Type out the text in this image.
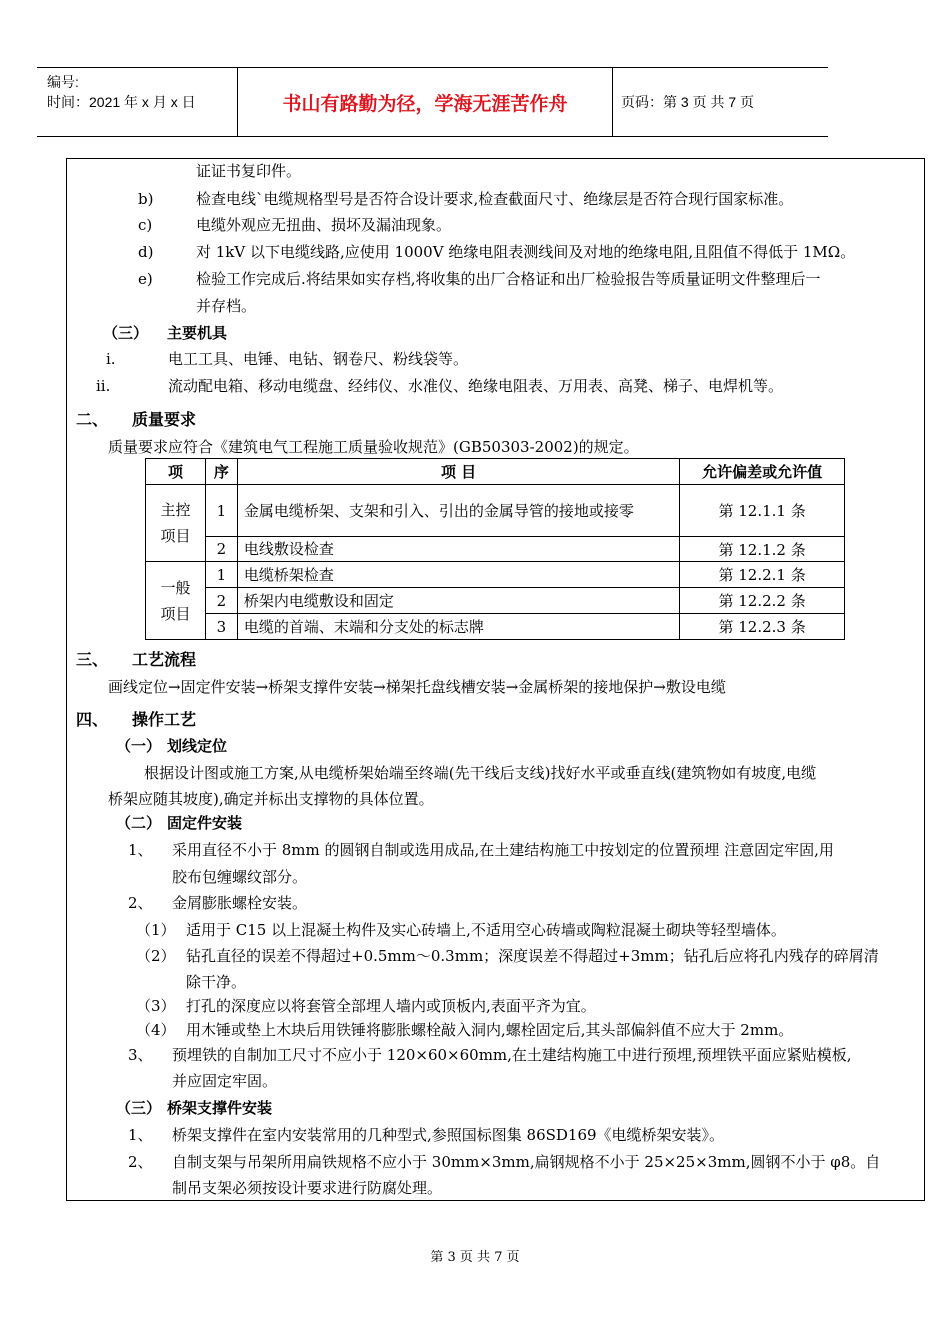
编号:
时间：2021 年 x 月 x 日	书山有路勤为径，学海无涯苦作舟	页码：第 3 页 共 7 页
证证书复印件。
b)	检查电线`电缆规格型号是否符合设计要求,检查截面尺寸、绝缘层是否符合现行国家标准。
c)	电缆外观应无扭曲、损坏及漏油现象。
d)	对 1kV 以下电缆线路,应使用 1000V 绝缘电阻表测线间及对地的绝缘电阻,且阻值不得低于 1MΩ。
e)	检验工作完成后.将结果如实存档,将收集的出厂合格证和出厂检验报告等质量证明文件整理后一
并存档。
（三） 主要机具
i.	电工工具、电锤、电钻、钢卷尺、粉线袋等。
ii.	流动配电箱、移动电缆盘、经纬仪、水准仪、绝缘电阻表、万用表、高凳、梯子、电焊机等。
二、 质量要求
质量要求应符合《建筑电气工程施工质量验收规范》(GB50303-2002)的规定。
项	序	项 目	允许偏差或允许值

主控项目	1	金属电缆桥架、支架和引入、引出的金属导管的接地或接零	第 12.1.1 条
	2	电线敷设检查	第 12.1.2 条

一般项目	1	电缆桥架检查	第 12.2.1 条
	2	桥架内电缆敷设和固定	第 12.2.2 条
	3	电缆的首端、末端和分支处的标志牌	第 12.2.3 条
三、 工艺流程
画线定位→固定件安装→桥架支撑件安装→梯架托盘线槽安装→金属桥架的接地保护→敷设电缆
四、 操作工艺
（一） 划线定位
根据设计图或施工方案,从电缆桥架始端至终端(先干线后支线)找好水平或垂直线(建筑物如有坡度,电缆
桥架应随其坡度),确定并标出支撑物的具体位置。
（二） 固定件安装
1、 采用直径不小于 8mm 的圆钢自制或选用成品,在土建结构施工中按划定的位置预埋 注意固定牢固,用
胶布包缠螺纹部分。
2、 金屑膨胀螺栓安装。
（1） 适用于 C15 以上混凝土构件及实心砖墙上,不适用空心砖墙或陶粒混凝土砌块等轻型墙体。
（2） 钻孔直径的误差不得超过+0.5mm～0.3mm；深度误差不得超过+3mm；钻孔后应将孔内残存的碎屑清
除干净。
（3） 打孔的深度应以将套管全部埋人墙内或顶板内,表面平齐为宜。
（4） 用木锤或垫上木块后用铁锤将膨胀螺栓敲入洞内,螺栓固定后,其头部偏斜值不应大于 2mm。
3、 预埋铁的自制加工尺寸不应小于 120×60×60mm,在土建结构施工中进行预埋,预埋铁平面应紧贴模板,
并应固定牢固。
（三） 桥架支撑件安装
1、 桥架支撑件在室内安装常用的几种型式,参照国标图集 86SD169《电缆桥架安装》。
2、 自制支架与吊架所用扁铁规格不应小于 30mm×3mm,扁钢规格不小于 25×25×3mm,圆钢不小于 φ8。自
制吊支架必须按设计要求进行防腐处理。
第 3 页 共 7 页
